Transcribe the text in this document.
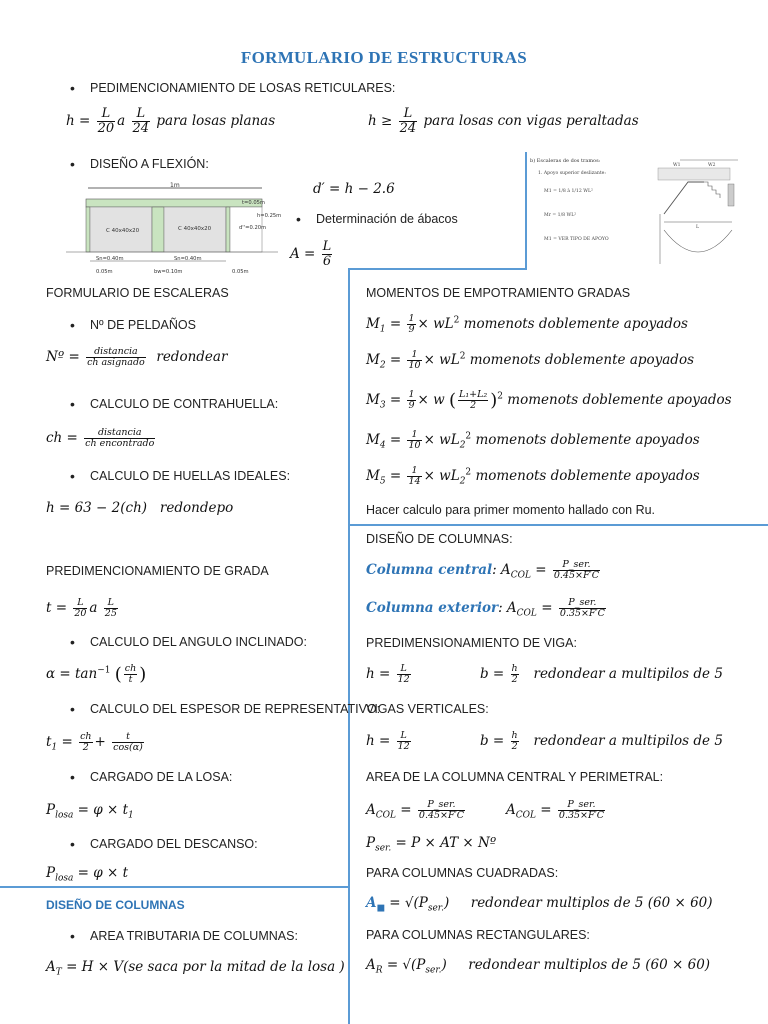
FORMULARIO DE ESTRUCTURAS
• PEDIMENCIONAMIENTO DE LOSAS RETICULARES:
$h = \frac{L}{20}$ a $\frac{L}{24}$ para losas planas	$h \ge \frac{L}{24}$ para losas con vigas peraltadas
• DISEÑO A FLEXIÓN:
1m
C 40x40x20	C 40x40x20
t=0.05m
h=0.25m
d''=0.20m
Sn=0.40m	Sn=0.40m
0.05m	bw=0.10m	0.05m
d′ = h − 2.6
• Determinación de ábacos
$A = \frac{L}{6}$
b) Escaleras de dos tramos:
1. Apoyo superior deslizante:
M1 = 1/8 à 1/12 WL²
Mr = 1/8 WL²
M1 = VER TIPO DE APOYO
W1	W2
L
FORMULARIO DE ESCALERAS
• Nº DE PELDAÑOS
Nº =	distancia
ch asignado redondear
• CALCULO DE CONTRAHUELLA:
ch =	distancia
ch encontrado
• CALCULO DE HUELLAS IDEALES:
h = 63 − 2(ch) redondepo
PREDIMENCIONAMIENTO DE GRADA
$t = \frac{L}{20}$ a $\frac{L}{25}$
• CALCULO DEL ANGULO INCLINADO:
$\alpha = \tan^{-1}$ ( $\frac{ch}{t}$ )
• CALCULO DEL ESPESOR DE REPRESENTATIVO:
$t_1 = \frac{ch}{2} + \frac{t}{\cos(\alpha)}$
• CARGADO DE LA LOSA:
$P_{losa} = \varphi \times t_1$
• CARGADO DEL DESCANSO:
$P_{losa} = \varphi \times t$
DISEÑO DE COLUMNAS
• AREA TRIBUTARIA DE COLUMNAS:
$A_T = H \times V(se$ saca por la mitad de la losa )
MOMENTOS DE EMPOTRAMIENTO GRADAS
$M_1 = \frac{1}{9} \times wL^2$ momenots doblemente apoyados
$M_2 = \frac{1}{10} \times wL^2$ momenots doblemente apoyados
$M_3 = \frac{1}{9} \times w$ ( $\frac{\text{L₁+L₂}}{2} )^2$ momenots doblemente apoyados
$M_4 = \frac{1}{10} \times wL_2^2$ momenots doblemente apoyados
$M_5 = \frac{1}{14} \times wL_2^2$ momenots doblemente apoyados
Hacer calculo para primer momento hallado con Ru.
DISEÑO DE COLUMNAS:
Columna central: $A_{COL}$ =	P_ser.
0.45×F′C
Columna exterior: $A_{COL}$ =	P_ser.
0.35×F′C
PREDIMENSIONAMIENTO DE VIGA:
$h = \frac{L}{12}$	$b = \frac{h}{2}$ redondear a multipilos de 5
VIGAS VERTICALES:
$h = \frac{L}{12}$	$b = \frac{h}{2}$ redondear a multipilos de 5
AREA DE LA COLUMNA CENTRAL Y PERIMETRAL:
$A_{COL}$ =	P_ser.
0.45×F′C	$A_{COL}$ =	P_ser.
0.35×F′C
$P_{ser.} = P$ × AT × Nº
PARA COLUMNAS CUADRADAS:
$A_■ = √(P_{ser.})$ redondear multiplos de 5 (60 × 60)
PARA COLUMNAS RECTANGULARES:
$A_R = √(P_{ser.})$ redondear multiplos de 5 (60 × 60)
